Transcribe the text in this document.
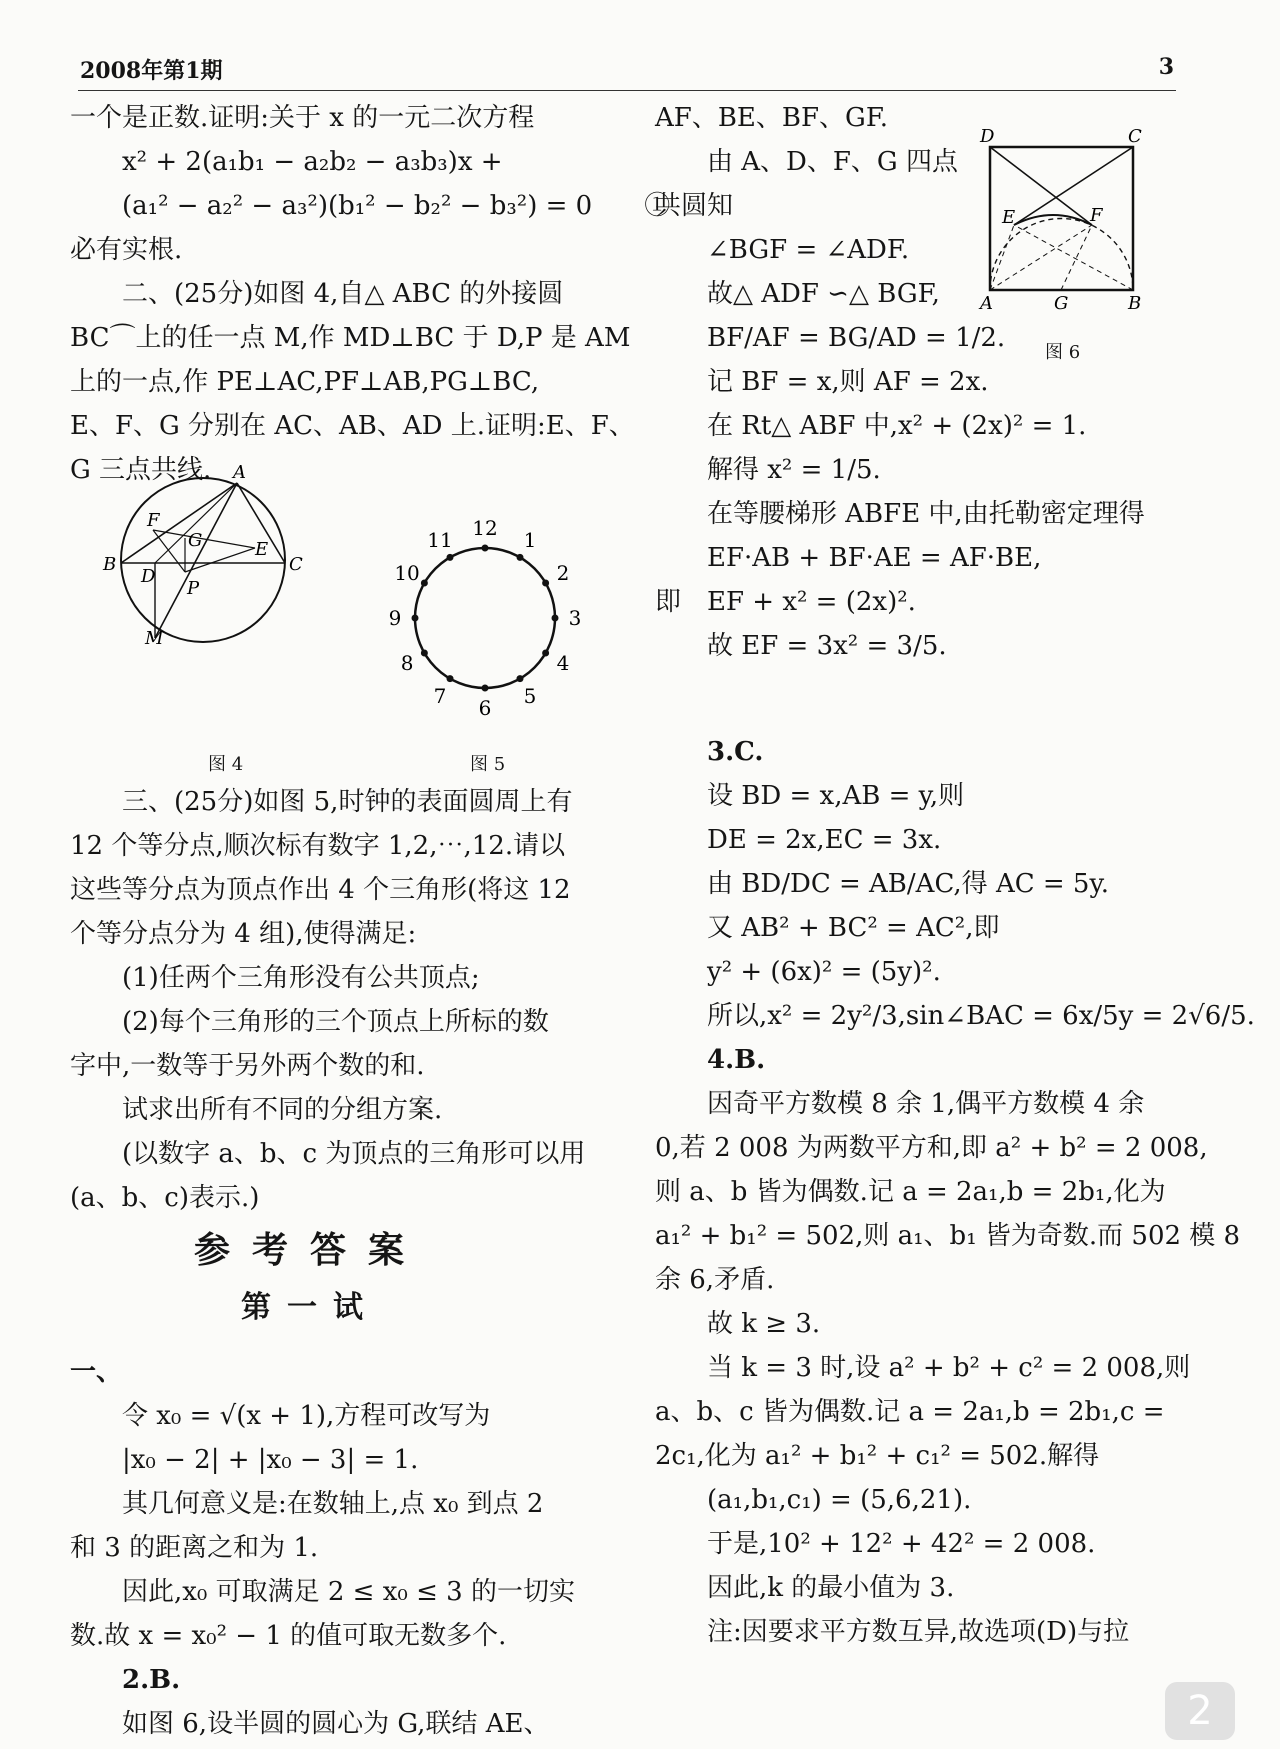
2008年第1期	3

一个是正数.证明:关于 x 的一元二次方程

x² + 2(a₁b₁ − a₂b₂ − a₃b₃)x +

(a₁² − a₂² − a₃²)(b₁² − b₂² − b₃²) = 0　　①

必有实根.

二、(25分)如图 4,自△ ABC 的外接圆

BC⌒上的任一点 M,作 MD⊥BC 于 D,P 是 AM

上的一点,作 PE⊥AC,PF⊥AB,PG⊥BC,

E、F、G 分别在 AC、AB、AD 上.证明:E、F、

G 三点共线.	A
B	C
D
E
F
G
P
M
图 4
12
1
2
3
4
5
6
7
8
9
10
11
图 5

三、(25分)如图 5,时钟的表面圆周上有

12 个等分点,顺次标有数字 1,2,⋯,12.请以

这些等分点为顶点作出 4 个三角形(将这 12

个等分点分为 4 组),使得满足:

(1)任两个三角形没有公共顶点;

(2)每个三角形的三个顶点上所标的数

字中,一数等于另外两个数的和.

试求出所有不同的分组方案.

(以数字 a、b、c 为顶点的三角形可以用

(a、b、c)表示.)

参考答案

第一试

一、

令 x₀ = √(x + 1),方程可改写为

|x₀ − 2| + |x₀ − 3| = 1.

其几何意义是:在数轴上,点 x₀ 到点 2

和 3 的距离之和为 1.

因此,x₀ 可取满足 2 ≤ x₀ ≤ 3 的一切实

数.故 x = x₀² − 1 的值可取无数多个.

2.B.

如图 6,设半圆的圆心为 G,联结 AE、

AF、BE、BF、GF.

由 A、D、F、G 四点

共圆知

∠BGF = ∠ADF.

故△ ADF ∽△ BGF,

BF/AF = BG/AD = 1/2.

记 BF = x,则 AF = 2x.

在 Rt△ ABF 中,x² + (2x)² = 1.

解得 x² = 1/5.

在等腰梯形 ABFE 中,由托勒密定理得

EF·AB + BF·AE = AF·BE,

即　EF + x² = (2x)².

故 EF = 3x² = 3/5.

D	C
E	F
A	G	B
图 6

3.C.

设 BD = x,AB = y,则

DE = 2x,EC = 3x.

由 BD/DC = AB/AC,得 AC = 5y.

又 AB² + BC² = AC²,即

y² + (6x)² = (5y)².

所以,x² = 2y²/3,sin∠BAC = 6x/5y = 2√6/5.

4.B.

因奇平方数模 8 余 1,偶平方数模 4 余

0,若 2 008 为两数平方和,即 a² + b² = 2 008,

则 a、b 皆为偶数.记 a = 2a₁,b = 2b₁,化为

a₁² + b₁² = 502,则 a₁、b₁ 皆为奇数.而 502 模 8

余 6,矛盾.

故 k ≥ 3.

当 k = 3 时,设 a² + b² + c² = 2 008,则

a、b、c 皆为偶数.记 a = 2a₁,b = 2b₁,c =

2c₁,化为 a₁² + b₁² + c₁² = 502.解得

(a₁,b₁,c₁) = (5,6,21).

于是,10² + 12² + 42² = 2 008.

因此,k 的最小值为 3.

注:因要求平方数互异,故选项(D)与拉

2
